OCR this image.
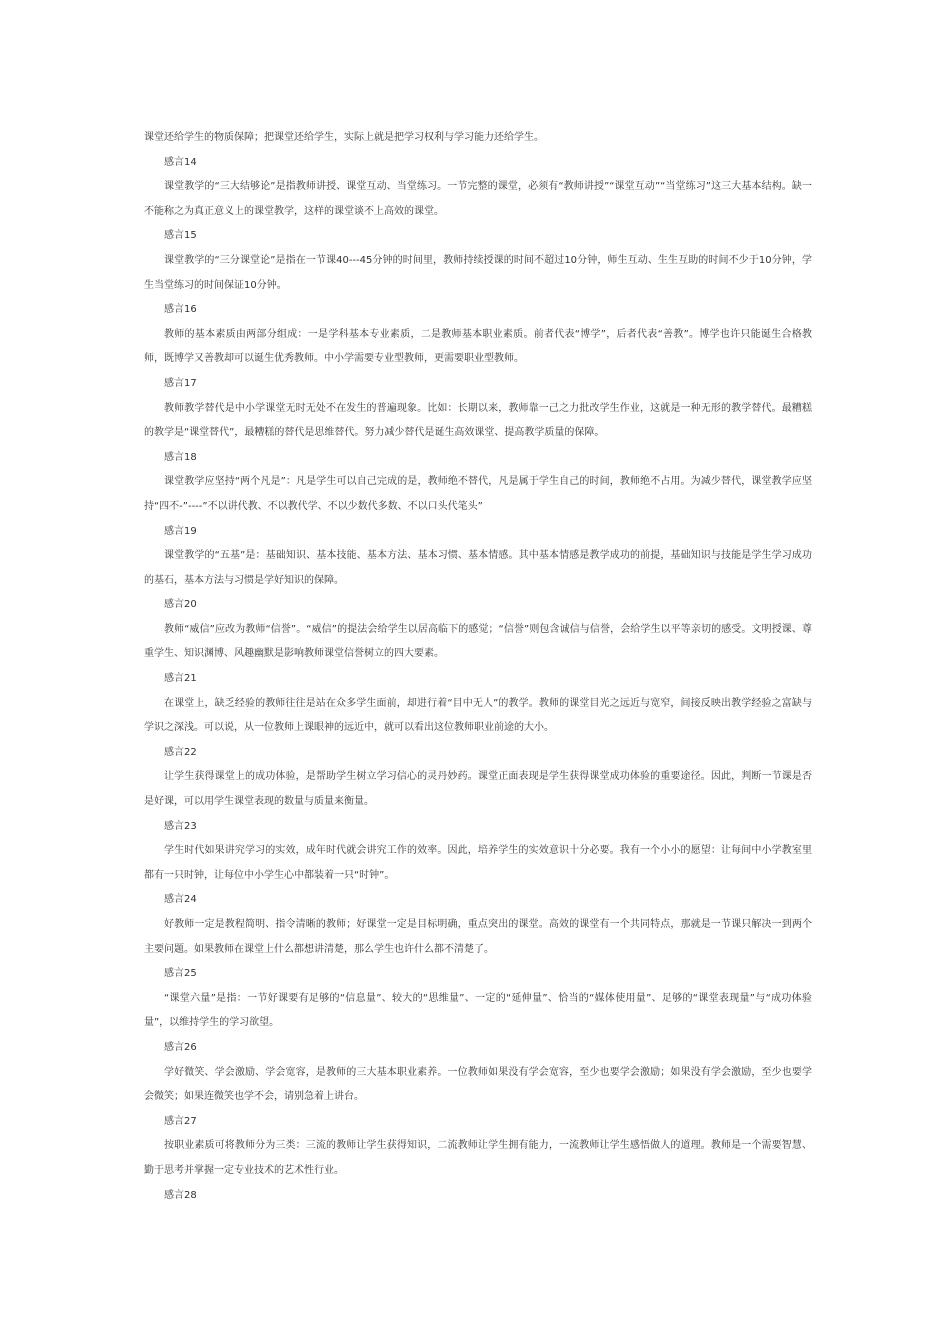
课堂还给学生的物质保障；把课堂还给学生，实际上就是把学习权利与学习能力还给学生。

感言14

课堂教学的“三大结够论”是指教师讲授、课堂互动、当堂练习。一节完整的课堂，必须有“教师讲授”“课堂互动”“当堂练习”这三大基本结构。缺一不能称之为真正意义上的课堂教学，这样的课堂谈不上高效的课堂。

感言15

课堂教学的“三分课堂论”是指在一节课40---45分钟的时间里，教师持续授课的时间不超过10分钟，师生互动、生生互助的时间不少于10分钟，学生当堂练习的时间保证10分钟。

感言16

教师的基本素质由两部分组成：一是学科基本专业素质，二是教师基本职业素质。前者代表“博学”，后者代表“善教”。博学也许只能诞生合格教师，既博学又善教却可以诞生优秀教师。中小学需要专业型教师，更需要职业型教师。

感言17

教师教学替代是中小学课堂无时无处不在发生的普遍现象。比如：长期以来，教师靠一己之力批改学生作业，这就是一种无形的教学替代。最糟糕的教学是“课堂替代”，最糟糕的替代是思维替代。努力减少替代是诞生高效课堂、提高教学质量的保障。

感言18

课堂教学应坚持“两个凡是”：凡是学生可以自己完成的是，教师绝不替代，凡是属于学生自己的时间，教师绝不占用。为减少替代，课堂教学应坚持“四不-”----”不以讲代教、不以教代学、不以少数代多数、不以口头代笔头”

感言19

课堂教学的“五基”是：基础知识、基本技能、基本方法、基本习惯、基本情感。其中基本情感是教学成功的前提，基础知识与技能是学生学习成功的基石，基本方法与习惯是学好知识的保障。

感言20

教师“威信”应改为教师“信誉”。“威信”的提法会给学生以居高临下的感觉；“信誉”则包含诚信与信誉，会给学生以平等亲切的感受。文明授课、尊重学生、知识渊博、风趣幽默是影响教师课堂信誉树立的四大要素。

感言21

在课堂上，缺乏经验的教师往往是站在众多学生面前，却进行着“目中无人”的教学。教师的课堂目光之远近与宽窄，间接反映出教学经验之富缺与学识之深浅。可以说，从一位教师上课眼神的远近中，就可以看出这位教师职业前途的大小。

感言22

让学生获得课堂上的成功体验，是帮助学生树立学习信心的灵丹妙药。课堂正面表现是学生获得课堂成功体验的重要途径。因此，判断一节课是否是好课，可以用学生课堂表现的数量与质量来衡量。

感言23

学生时代如果讲究学习的实效，成年时代就会讲究工作的效率。因此，培养学生的实效意识十分必要。我有一个小小的愿望：让每间中小学教室里都有一只时钟，让每位中小学生心中都装着一只“时钟”。

感言24

好教师一定是教程简明、指令清晰的教师；好课堂一定是目标明确，重点突出的课堂。高效的课堂有一个共同特点，那就是一节课只解决一到两个主要问题。如果教师在课堂上什么都想讲清楚，那么学生也许什么都不清楚了。

感言25

“课堂六量”是指：一节好课要有足够的“信息量”、较大的“思维量”、一定的“延伸量”、恰当的“媒体使用量”、足够的“课堂表现量”与“成功体验量”，以维持学生的学习欲望。

感言26

学好微笑、学会激励、学会宽容，是教师的三大基本职业素养。一位教师如果没有学会宽容，至少也要学会激励；如果没有学会激励，至少也要学会微笑；如果连微笑也学不会，请别急着上讲台。

感言27

按职业素质可将教师分为三类：三流的教师让学生获得知识，二流教师让学生拥有能力，一流教师让学生感悟做人的道理。教师是一个需要智慧、勤于思考并掌握一定专业技术的艺术性行业。

感言28
